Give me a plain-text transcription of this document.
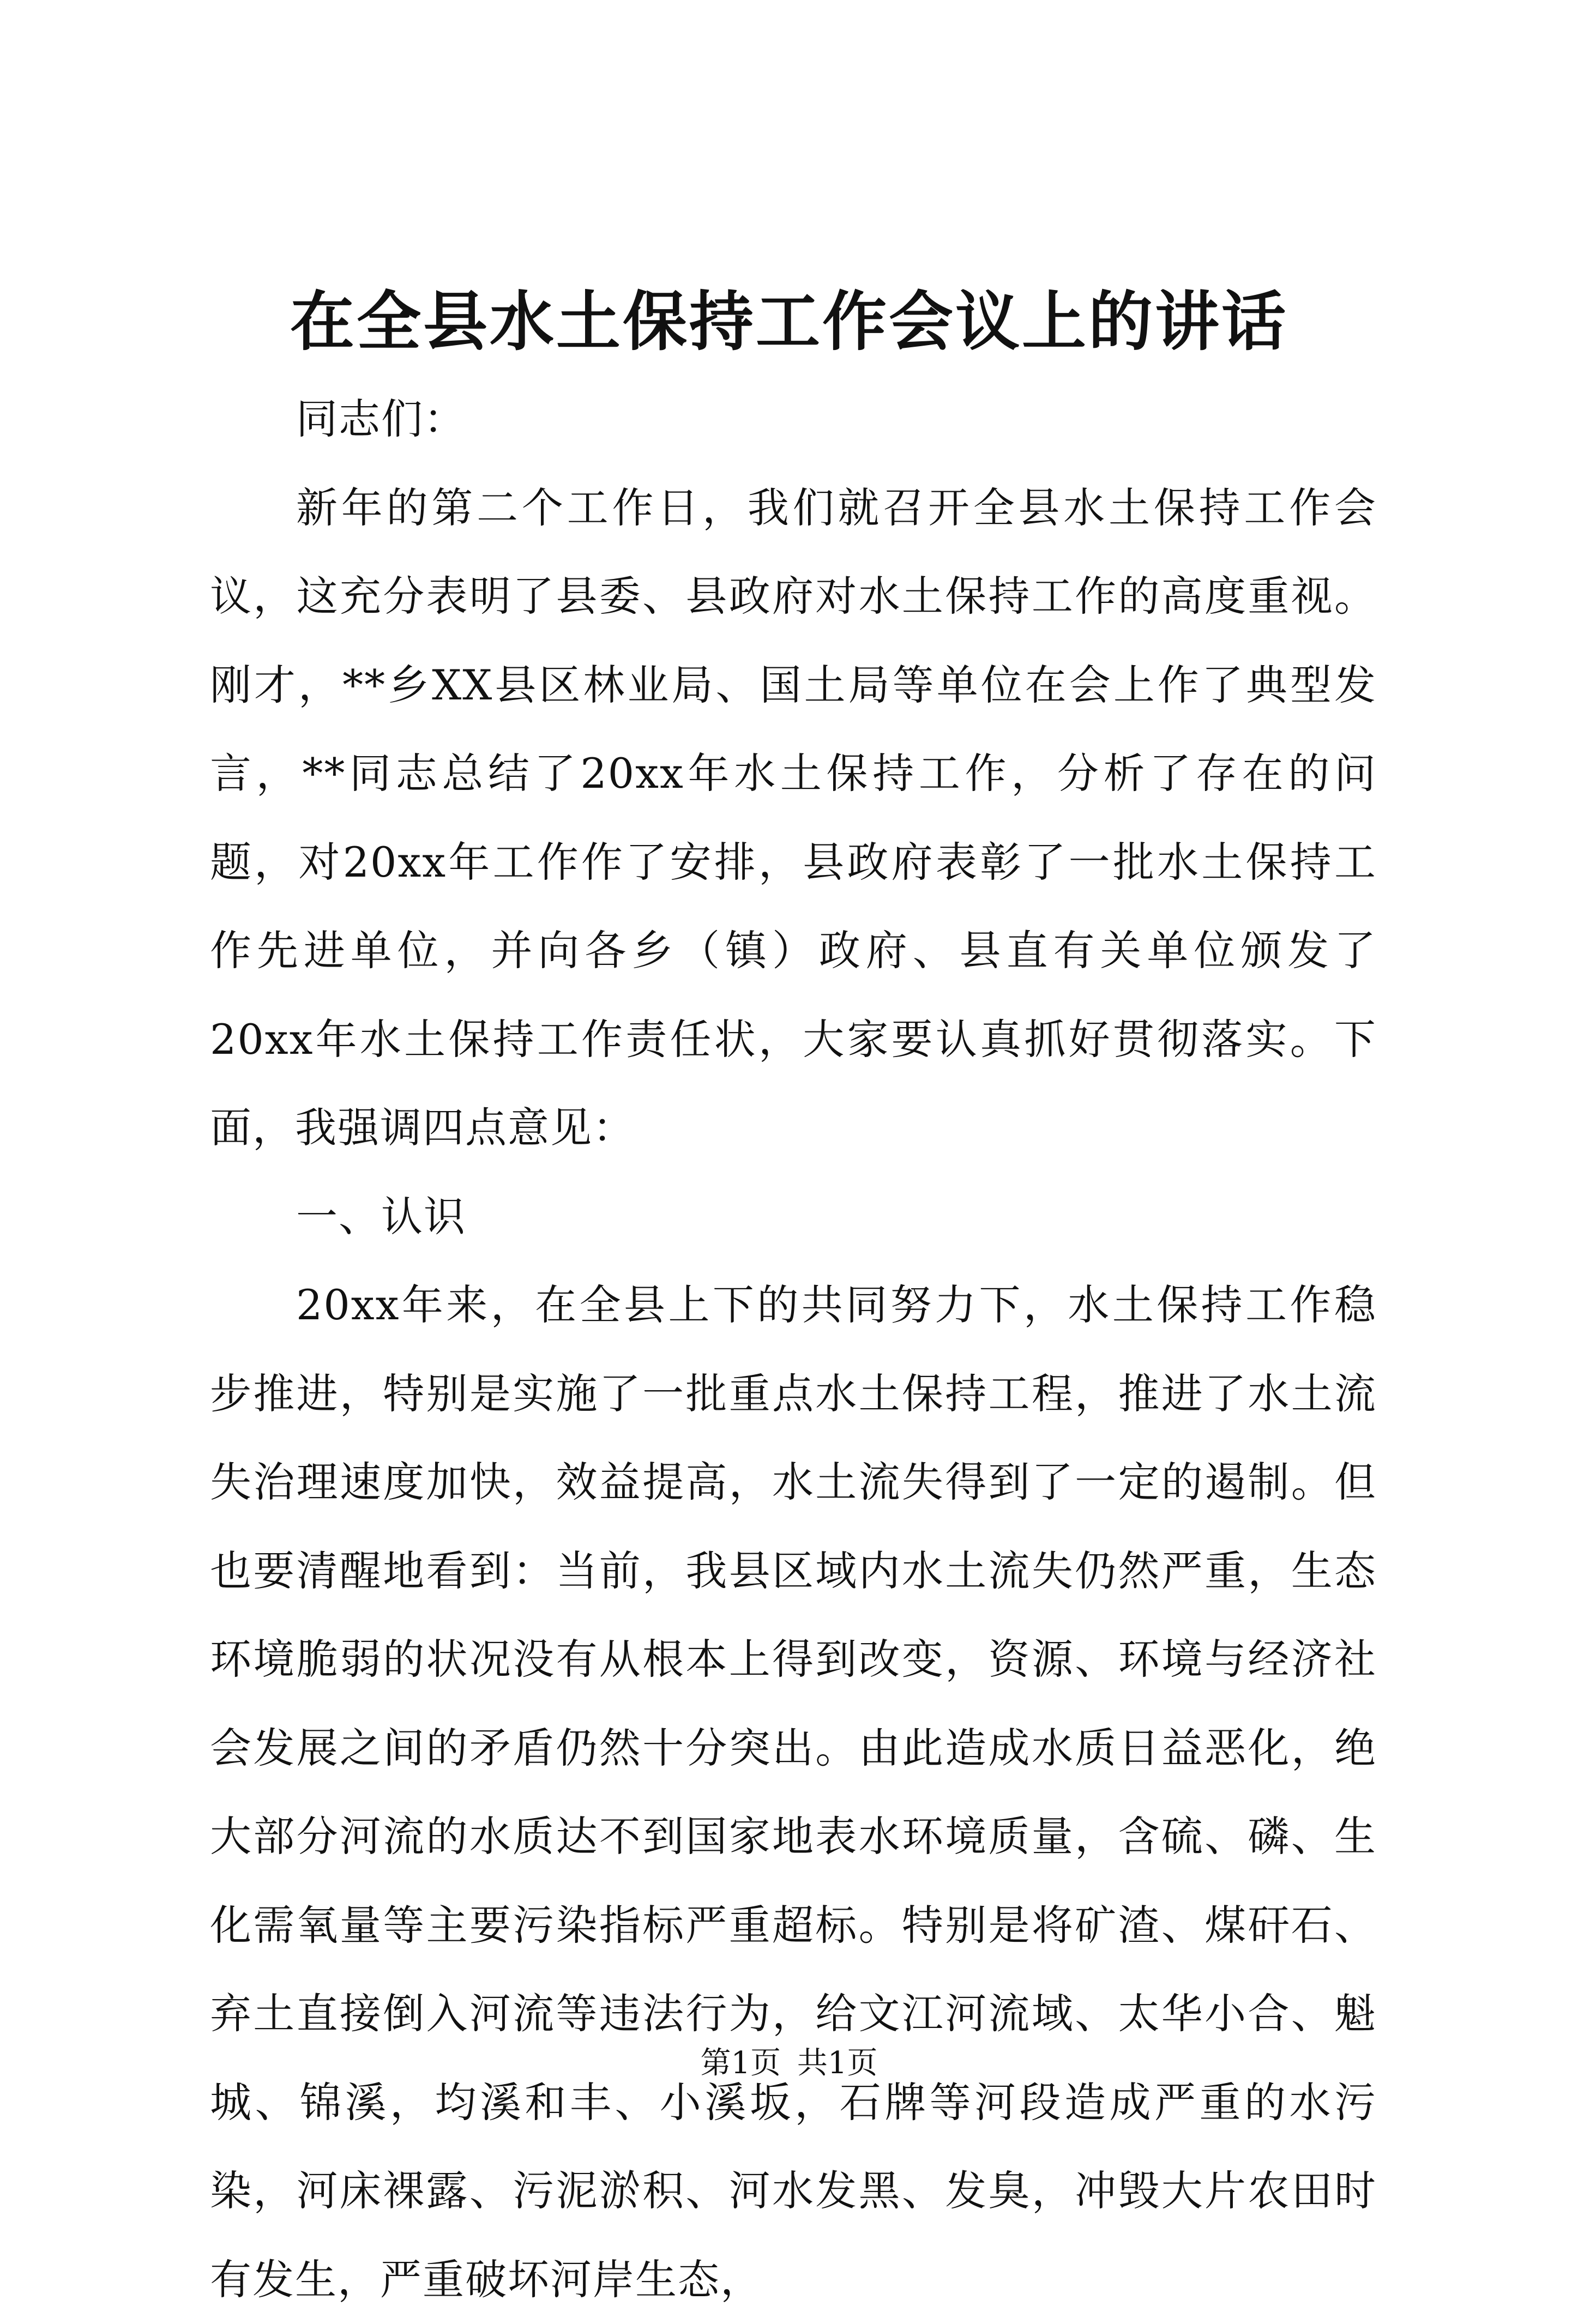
在全县水土保持工作会议上的讲话

同志们：

新年的第二个工作日，我们就召开全县水土保持工作会议，这充分表明了县委、县政府对水土保持工作的高度重视。刚才，**乡XX县区林业局、国土局等单位在会上作了典型发言，**同志总结了20xx年水土保持工作，分析了存在的问题，对20xx年工作作了安排，县政府表彰了一批水土保持工作先进单位，并向各乡（镇）政府、县直有关单位颁发了20xx年水土保持工作责任状，大家要认真抓好贯彻落实。下面，我强调四点意见：

一、认识

20xx年来，在全县上下的共同努力下，水土保持工作稳步推进，特别是实施了一批重点水土保持工程，推进了水土流失治理速度加快，效益提高，水土流失得到了一定的遏制。但也要清醒地看到：当前，我县区域内水土流失仍然严重，生态环境脆弱的状况没有从根本上得到改变，资源、环境与经济社会发展之间的矛盾仍然十分突出。由此造成水质日益恶化，绝大部分河流的水质达不到国家地表水环境质量，含硫、磷、生化需氧量等主要污染指标严重超标。特别是将矿渣、煤矸石、弃土直接倒入河流等违法行为，给文江河流域、太华小合、魁城、锦溪，均溪和丰、小溪坂，石牌等河段造成严重的水污染，河床裸露、污泥淤积、河水发黑、发臭，冲毁大片农田时有发生，严重破坏河岸生态，

第1页 共1页
